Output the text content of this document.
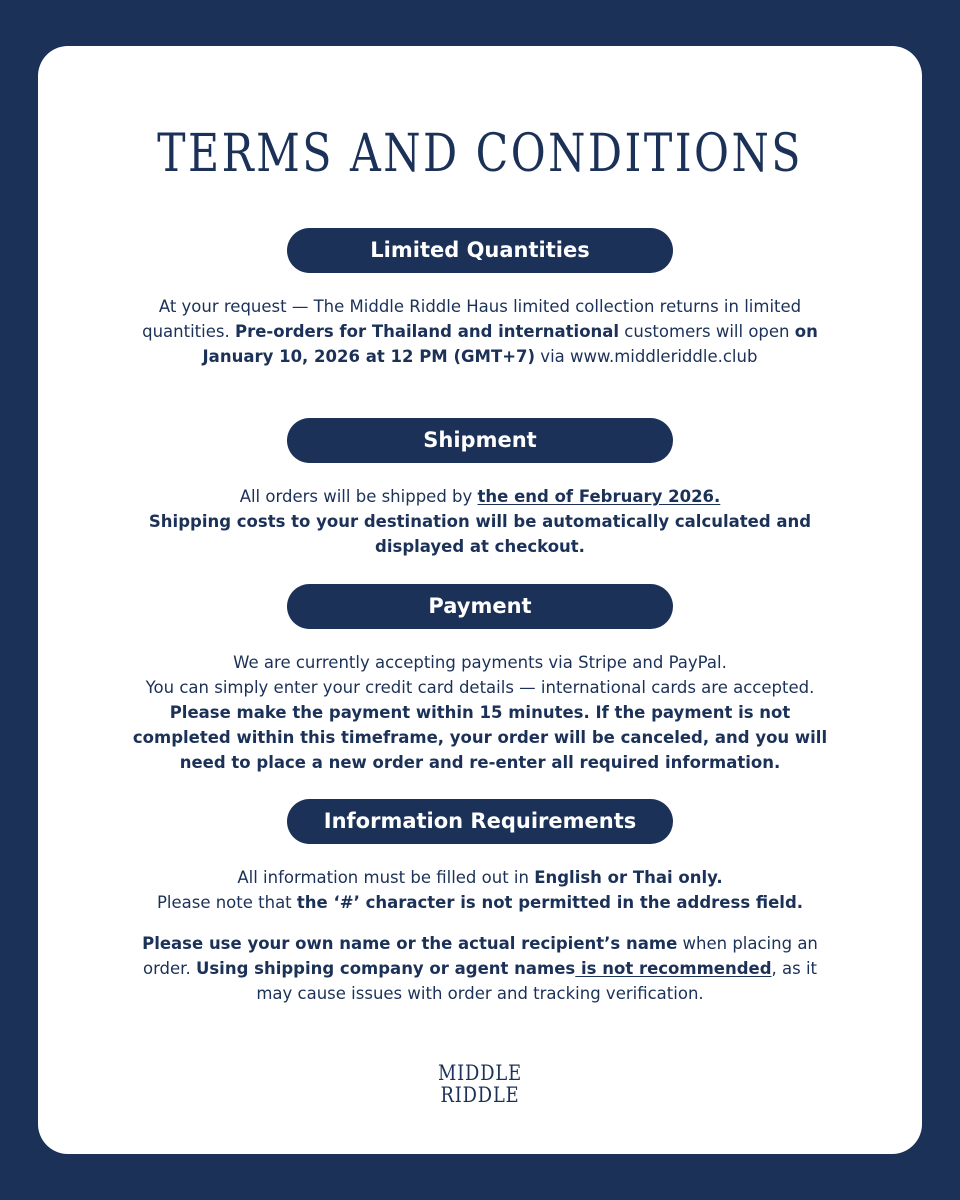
TERMS AND CONDITIONS
Limited Quantities

At your request — The Middle Riddle Haus limited collection returns in limited quantities. Pre-orders for Thailand and international customers will open on January 10, 2026 at 12 PM (GMT+7) via www.middleriddle.club

Shipment

All orders will be shipped by the end of February 2026.
Shipping costs to your destination will be automatically calculated and displayed at checkout.

Payment

We are currently accepting payments via Stripe and PayPal.
You can simply enter your credit card details — international cards are accepted. Please make the payment within 15 minutes. If the payment is not completed within this timeframe, your order will be canceled, and you will need to place a new order and re-enter all required information.

Information Requirements

All information must be filled out in English or Thai only.
Please note that the ‘#’ character is not permitted in the address field.

Please use your own name or the actual recipient’s name when placing an order. Using shipping company or agent names is not recommended, as it may cause issues with order and tracking verification.

MIDDLE
RIDDLE
